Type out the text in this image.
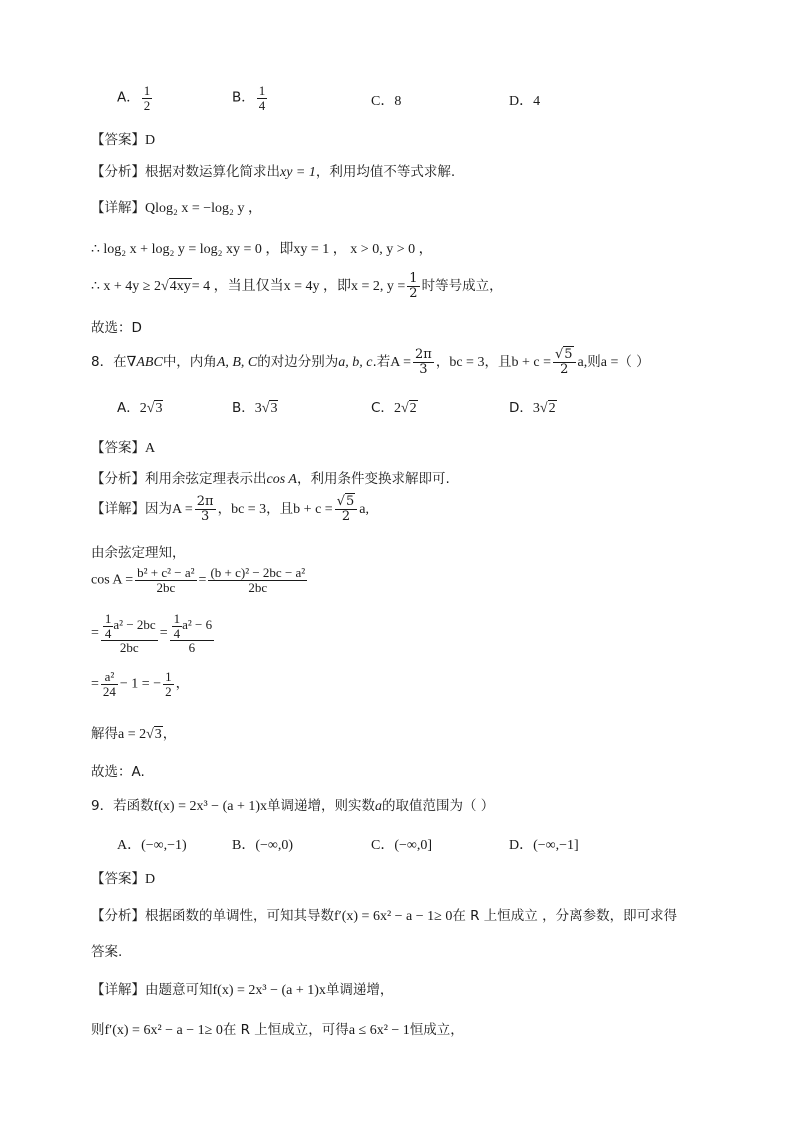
A． $\frac{1}{2}$	B． $\frac{1}{4}$	C．8	D．4
【答案】D
【分析】根据对数运算化简求出xy = 1，利用均值不等式求解.
【详解】Qlog₂ x = −log₂ y ，
∴ log₂ x + log₂ y = log₂ xy = 0 ，即xy = 1 ， x > 0, y > 0 ，
∴ x + 4y ≥ 2√4xy= 4 ，当且仅当x = 4y ，即x = 2, $y = \frac{1}{2}$ 时等号成立，
故选：D
8．在∇ABC中，内角A, B, C的对边分别为a, b, c.若$A = \frac{2\pi}{3}$ ，bc = 3，且$b + c = \frac{√5}{2} a$,则a =（ ）
A．2√3	B．3√3	C．2√2	D．3√2
【答案】A
【分析】利用余弦定理表示出cos A，利用条件变换求解即可.
【详解】因为$A = \frac{2\pi}{3}$ ，bc = 3，且$b + c = \frac{√5}{2} a$,
由余弦定理知，
$\cos A = \frac{\text{b² + c² − a²}}{2bc} = \frac{\text{(b + c)² − 2bc − a²}}{2bc}$
= $\frac{\frac{1}{4} a^2 - 2bc}{2bc} = \frac{\frac{1}{4} a^2 - 6}{6}$
= $\frac{\text{a²}}{24} - 1$ = − $\frac{1}{2}$ ，
解得a = 2√3，
故选：A.
9．若函数f(x) = 2x³ − (a + 1)x单调递增，则实数a的取值范围为（ ）
A．(−∞,−1)	B．(−∞,0)	C．(−∞,0]	D．(−∞,−1]
【答案】D
【分析】根据函数的单调性，可知其导数f′(x) = 6x² − a − 1≥ 0在 R 上恒成立 ，分离参数，即可求得
答案.
【详解】由题意可知f(x) = 2x³ − (a + 1)x单调递增，
则f′(x) = 6x² − a − 1≥ 0在 R 上恒成立，可得a ≤ 6x² − 1恒成立，
